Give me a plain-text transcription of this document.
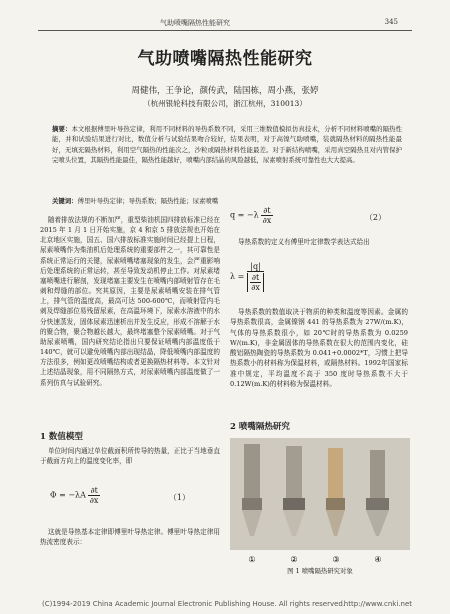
气助喷嘴隔热性能研究	345
气助喷嘴隔热性能研究
周健伟，王争论，颜传武，陆国栋，周小燕，张婷
（杭州银轮科技有限公司，浙江杭州，310013）
摘要：本文根据傅里叶导热定律，利用不同材料的导热系数不同，采用三维数值模拟仿真技术，分析不同材料喷嘴的隔热性能，并和试验结果进行对比，数值分析与试验结果吻合较好，结果表明，对于高镍气助喷嘴，装就隔热材料的隔热性能最好，无填充隔热材料，利用空气隔热的性能次之，沙粒或隔热材料性能最差。对于新结构喷嘴，采用真空隔热且对内管保护完喷头位置，其隔热性能最佳，隔热性能越好，喷嘴内部结晶的风险越低，尿素喷射系统可靠性也大大提高。
关键词：傅里叶导热定律；导热系数；隔热性能；尿素喷嘴
随着排放法规的不断加严，重型柴油机国四排放标准已经在 2015 年 1 月 1 日开始实施，京 4 和京 5 排放法规也开始在北京地区实施，国五、国六排放标准实施时间已经提上日程，尿素喷嘴作为柴油机后处理系统的重要部件之一，其可靠性是系统正常运行的关键，尿素喷嘴堵塞现象的发生，会严重影响后处理系统的正常运转，甚至导致发动机停止工作。对尿素堵塞喷嘴进行解剖，发现堵塞主要发生在喷嘴内部喷射管存在毛刺和焊缝的部位。究其原因，主要是尿素喷嘴安装在排气管上，排气管的温度高，最高可达 500-600℃，而喷射管内毛刺及焊缝部位易残留尿素，在高温环境下，尿素水溶液中的水分快速蒸发，固体尿素迅速析出并发生反应，形成不溶解于水的聚合物，聚合物越长越大，最终堵塞整个尿素喷嘴。对于气助尿素喷嘴，国内研究结论指出只要保证喷嘴内部温度低于 140℃，就可以避免喷嘴内部出现结晶，降低喷嘴内部温度的方法很多，例如更改喷嘴结构或者更换隔热材料等。本文针对上述结晶现象，用不同隔热方式，对尿素喷嘴内部温度做了一系列仿真与试验研究。
1 数值模型
单位时间内通过单位截面积所传导的热量，正比于当地垂直于截面方向上的温度变化率，即
$\Phi = -\lambda A \frac{\partial t}{\partial x}$	（1）
这就是导热基本定律即傅里叶导热定律。傅里叶导热定律用热流密度表示：
$q = -\lambda \frac{\partial t}{\partial x}$	（2）
导热系数的定义有傅里叶定律数学表达式给出
$\lambda = \frac{|q|}{\frac{\partial t}{\partial x}}$
导热系数的数值取决于物质的种类和温度等因素。金属的导热系数很高，金属镍钢 441 的导热系数为 27W/(m.K)，气体的导热系数很小，如 20℃时的导热系数为 0.0259 W/(m.K)，非金属固体的导热系数在很大的范围内变化，硅酸铝隔热陶瓷的导热系数为 0.041+0.0002*T，习惯上把导热系数小的材料称为保温材料，或隔热材料。1992年国家标准中规定，平均温度不高于 350 度时导热系数不大于 0.12W(m.K)的材料称为保温材料。
2 喷嘴隔热研究
①	②	③	④
图 1 喷嘴隔热研究对象
(C)1994-2019 China Academic Journal Electronic Publishing House. All rights reserved.
http://www.cnki.net
